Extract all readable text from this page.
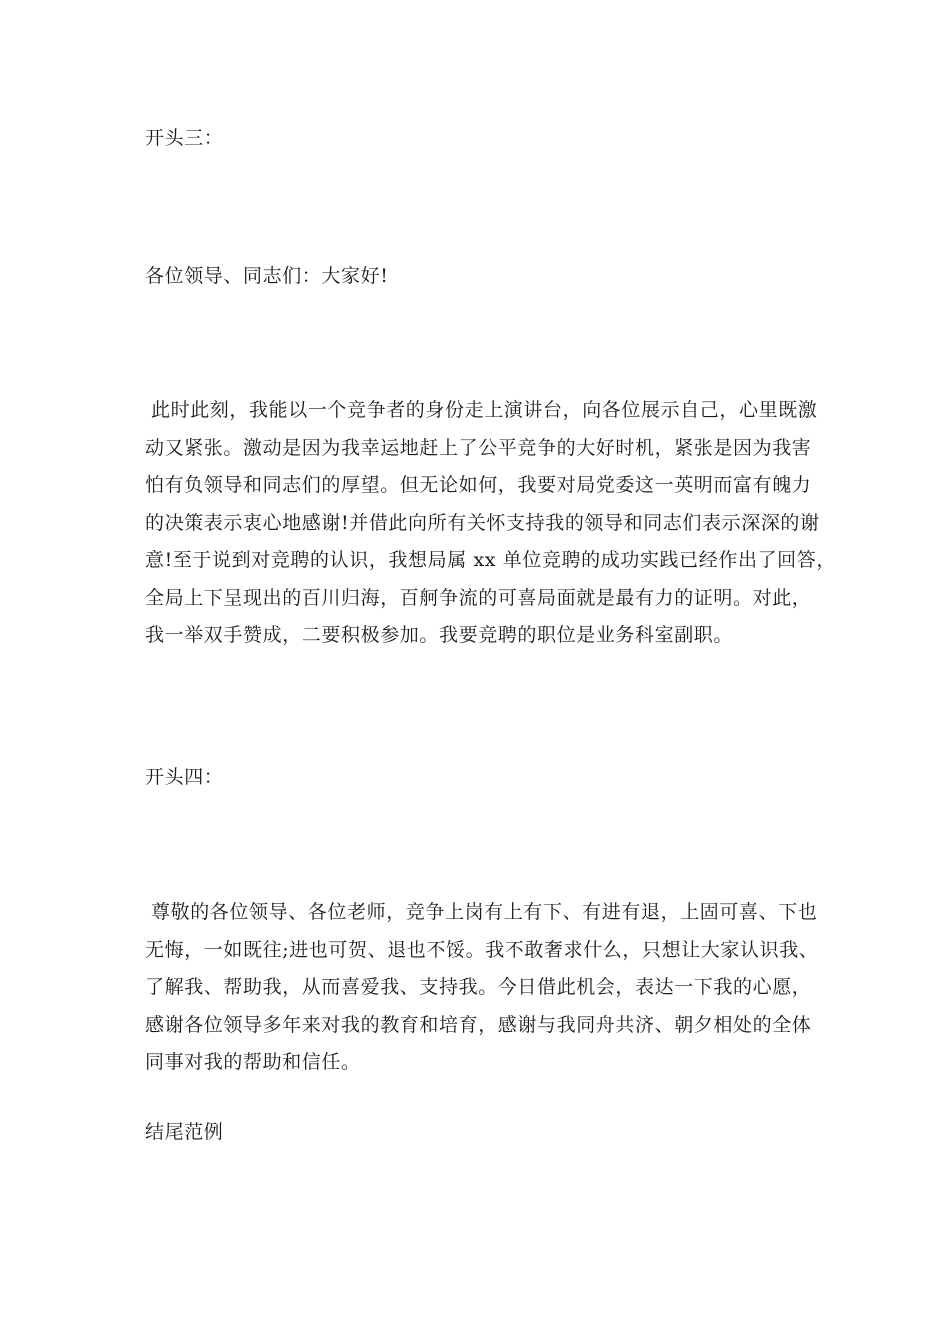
开头三：
各位领导、同志们：大家好!

此时此刻，我能以一个竞争者的身份走上演讲台，向各位展示自己，心里既激

动又紧张。激动是因为我幸运地赶上了公平竞争的大好时机，紧张是因为我害

怕有负领导和同志们的厚望。但无论如何，我要对局党委这一英明而富有魄力

的决策表示衷心地感谢!并借此向所有关怀支持我的领导和同志们表示深深的谢

意!至于说到对竞聘的认识，我想局属 xx 单位竞聘的成功实践已经作出了回答，

全局上下呈现出的百川归海，百舸争流的可喜局面就是最有力的证明。对此，

我一举双手赞成，二要积极参加。我要竞聘的职位是业务科室副职。

开头四：

尊敬的各位领导、各位老师，竞争上岗有上有下、有进有退，上固可喜、下也

无悔，一如既往;进也可贺、退也不馁。我不敢奢求什么，只想让大家认识我、

了解我、帮助我，从而喜爱我、支持我。今日借此机会，表达一下我的心愿，

感谢各位领导多年来对我的教育和培育，感谢与我同舟共济、朝夕相处的全体

同事对我的帮助和信任。

结尾范例
